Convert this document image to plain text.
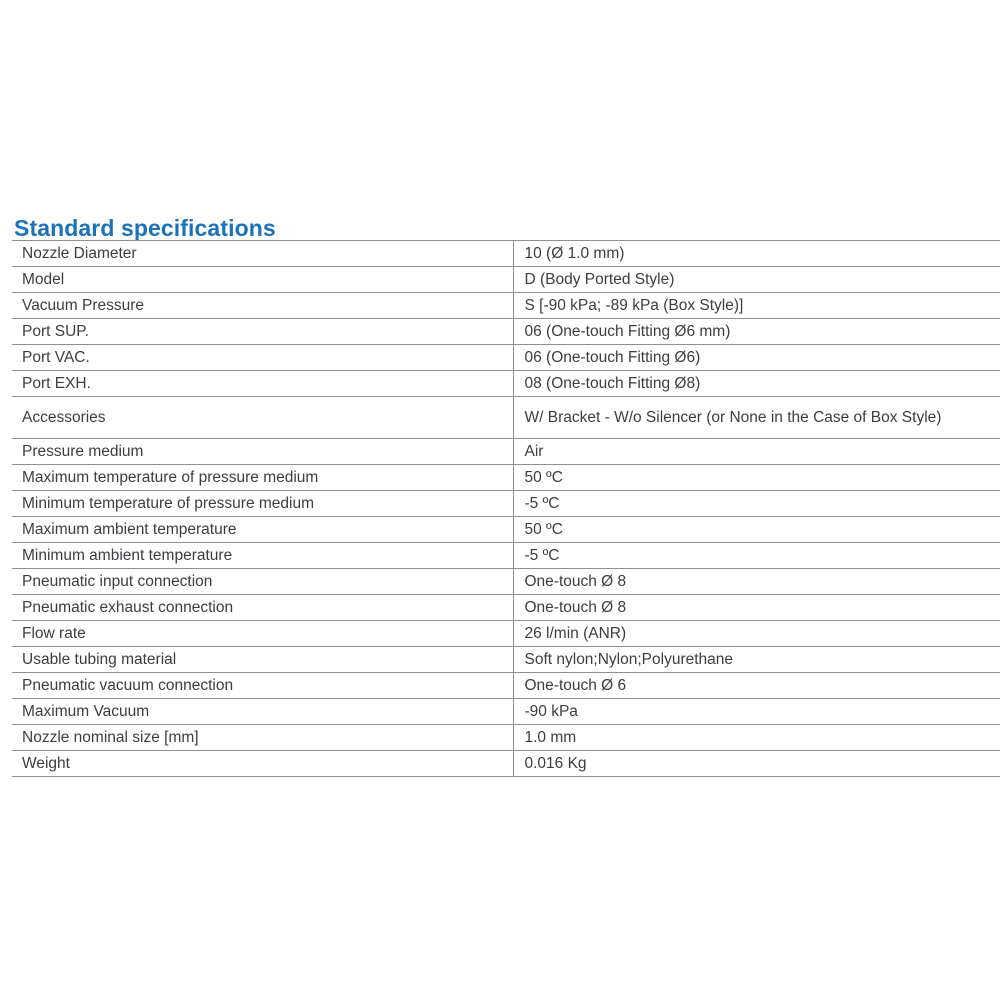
Standard specifications
Nozzle Diameter	10 (Ø 1.0 mm)
Model	D (Body Ported Style)
Vacuum Pressure	S [-90 kPa; -89 kPa (Box Style)]
Port SUP.	06 (One-touch Fitting Ø6 mm)
Port VAC.	06 (One-touch Fitting Ø6)
Port EXH.	08 (One-touch Fitting Ø8)
Accessories	W/ Bracket - W/o Silencer (or None in the Case of Box Style)
Pressure medium	Air
Maximum temperature of pressure medium	50 ºC
Minimum temperature of pressure medium	-5 ºC
Maximum ambient temperature	50 ºC
Minimum ambient temperature	-5 ºC
Pneumatic input connection	One-touch Ø 8
Pneumatic exhaust connection	One-touch Ø 8
Flow rate	26 l/min (ANR)
Usable tubing material	Soft nylon;Nylon;Polyurethane
Pneumatic vacuum connection	One-touch Ø 6
Maximum Vacuum	-90 kPa
Nozzle nominal size [mm]	1.0 mm
Weight	0.016 Kg
